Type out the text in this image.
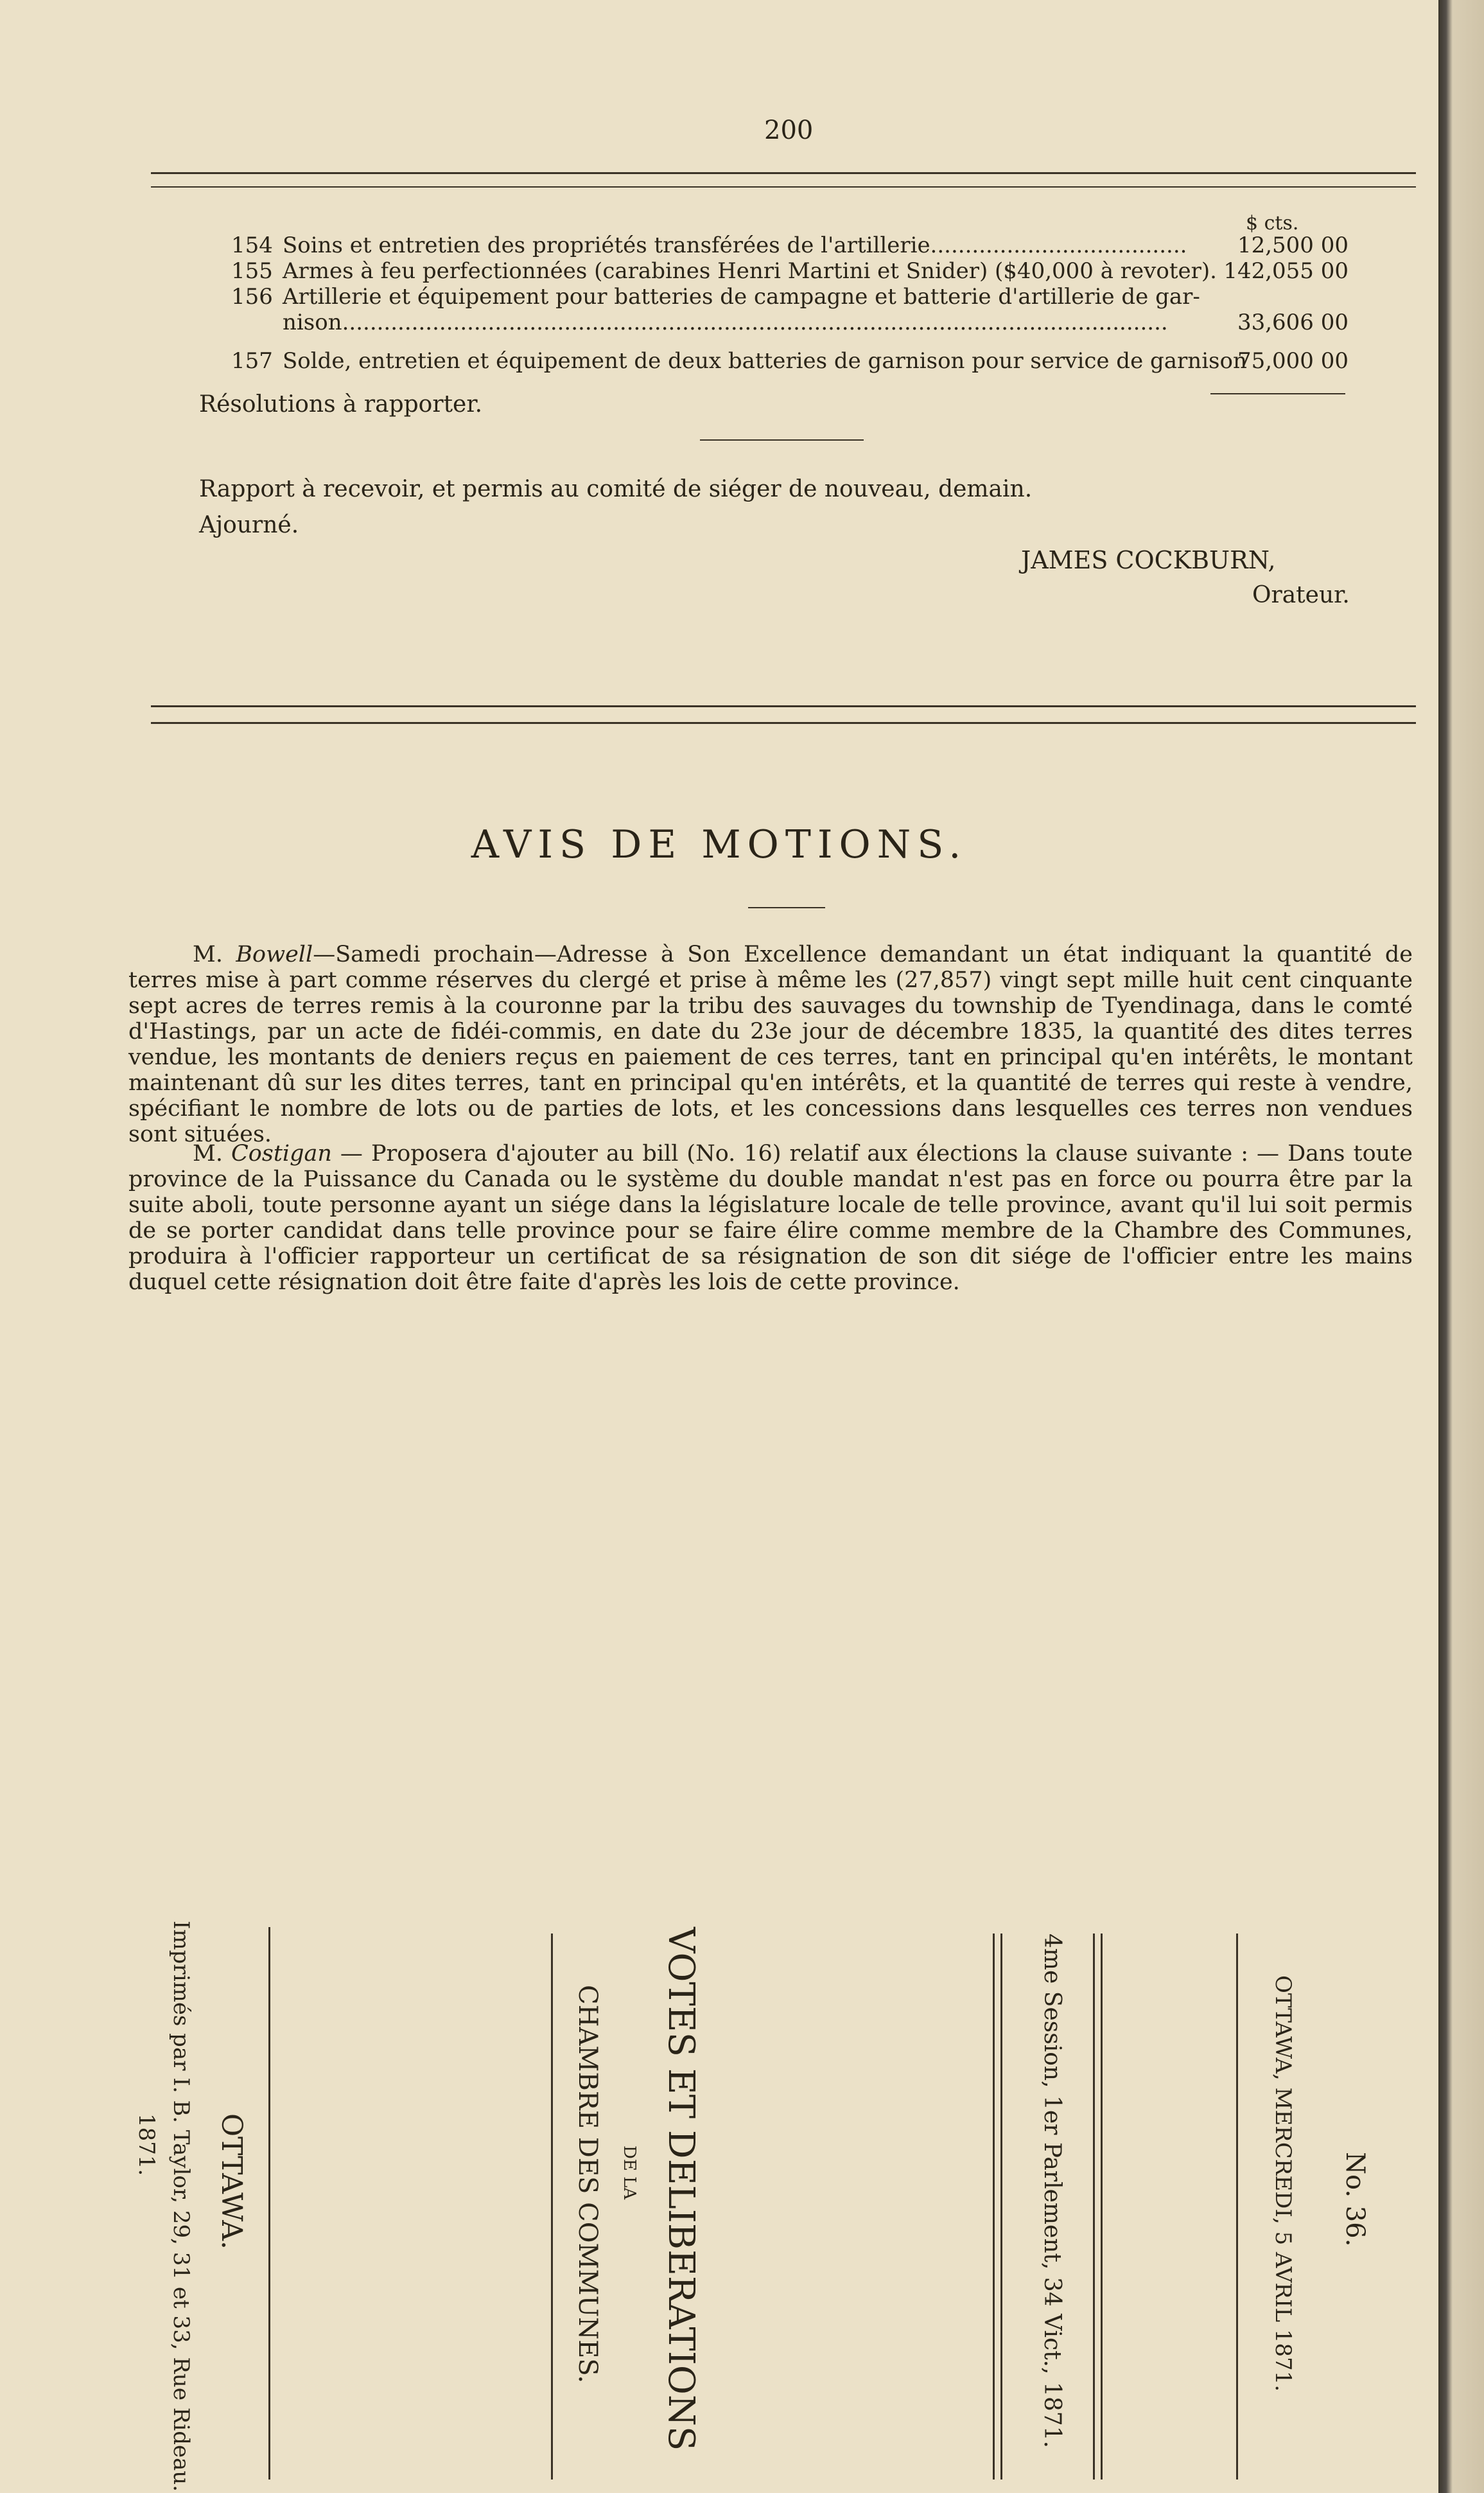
200
$ cts.
154 Soins et entretien des propriétés transférées de l'artillerie..................................... 12,500 00
155 Armes à feu perfectionnées (carabines Henri Martini et Snider) ($40,000 à revoter). 142,055 00
156 Artillerie et équipement pour batteries de campagne et batterie d'artillerie de gar-
nison.......................................................................................................................	33,606 00
157 Solde, entretien et équipement de deux batteries de garnison pour service de garnison
75,000 00
Résolutions à rapporter.
Rapport à recevoir, et permis au comité de siéger de nouveau, demain.
Ajourné.
JAMES COCKBURN,
Orateur.
AVIS DE MOTIONS.
M. Bowell—Samedi prochain—Adresse à Son Excellence demandant un état indiquant la quantité de terres mise à part comme réserves du clergé et prise à même les (27,857) vingt sept mille huit cent cinquante sept acres de terres remis à la couronne par la tribu des sauvages du township de Tyendinaga, dans le comté d'Hastings, par un acte de fidéi-commis, en date du 23e jour de décembre 1835, la quantité des dites terres vendue, les montants de deniers reçus en paiement de ces terres, tant en principal qu'en intérêts, le montant maintenant dû sur les dites terres, tant en principal qu'en intérêts, et la quantité de terres qui reste à vendre, spécifiant le nombre de lots ou de parties de lots, et les concessions dans lesquelles ces terres non vendues sont situées.
M. Costigan — Proposera d'ajouter au bill (No. 16) relatif aux élections la clause suivante : — Dans toute province de la Puissance du Canada ou le système du double mandat n'est pas en force ou pourra être par la suite aboli, toute personne ayant un siége dans la législature locale de telle province, avant qu'il lui soit permis de se porter candidat dans telle province pour se faire élire comme membre de la Chambre des Communes, produira à l'officier rapporteur un certificat de sa résignation de son dit siége de l'officier entre les mains duquel cette résignation doit être faite d'après les lois de cette province.
No. 36.
OTTAWA, MERCREDI, 5 AVRIL 1871.
4me Session, 1er Parlement, 34 Vict., 1871.
VOTES ET DELIBERATIONS
DE LA
CHAMBRE DES COMMUNES.
OTTAWA.
Imprimés par I. B. Taylor, 29, 31 et 33, Rue Rideau.
1871.
